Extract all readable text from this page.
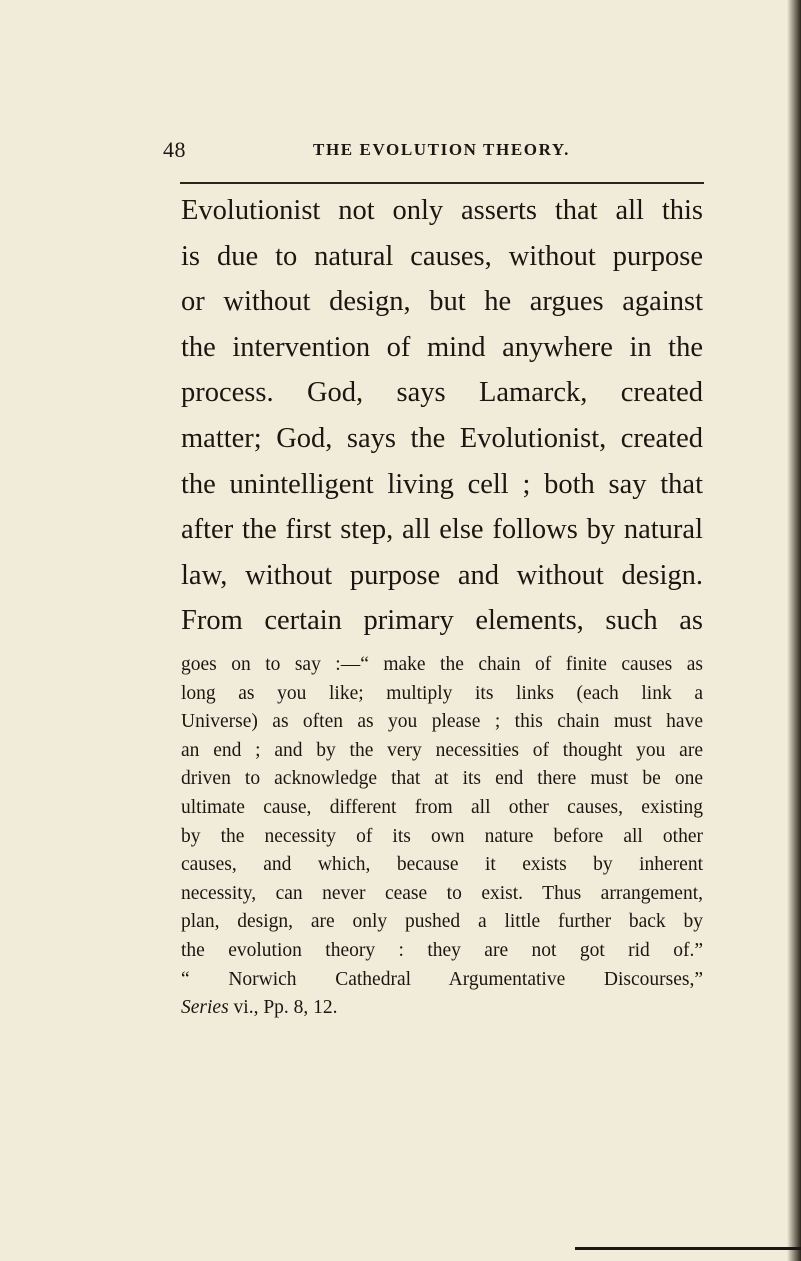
48	THE EVOLUTION THEORY.
Evolutionist not only asserts that all this
is due to natural causes, without purpose
or without design, but he argues against
the intervention of mind anywhere in the
process. God, says Lamarck, created
matter; God, says the Evolutionist, created
the unintelligent living cell ; both say that
after the first step, all else follows by natural
law, without purpose and without design.
From certain primary elements, such as
goes on to say :—“ make the chain of finite causes as
long as you like; multiply its links (each link a
Universe) as often as you please ; this chain must have
an end ; and by the very necessities of thought you are
driven to acknowledge that at its end there must be one
ultimate cause, different from all other causes, existing
by the necessity of its own nature before all other
causes, and which, because it exists by inherent
necessity, can never cease to exist. Thus arrangement,
plan, design, are only pushed a little further back by
the evolution theory : they are not got rid of.”
“ Norwich Cathedral Argumentative Discourses,”
Series vi., Pp. 8, 12.
